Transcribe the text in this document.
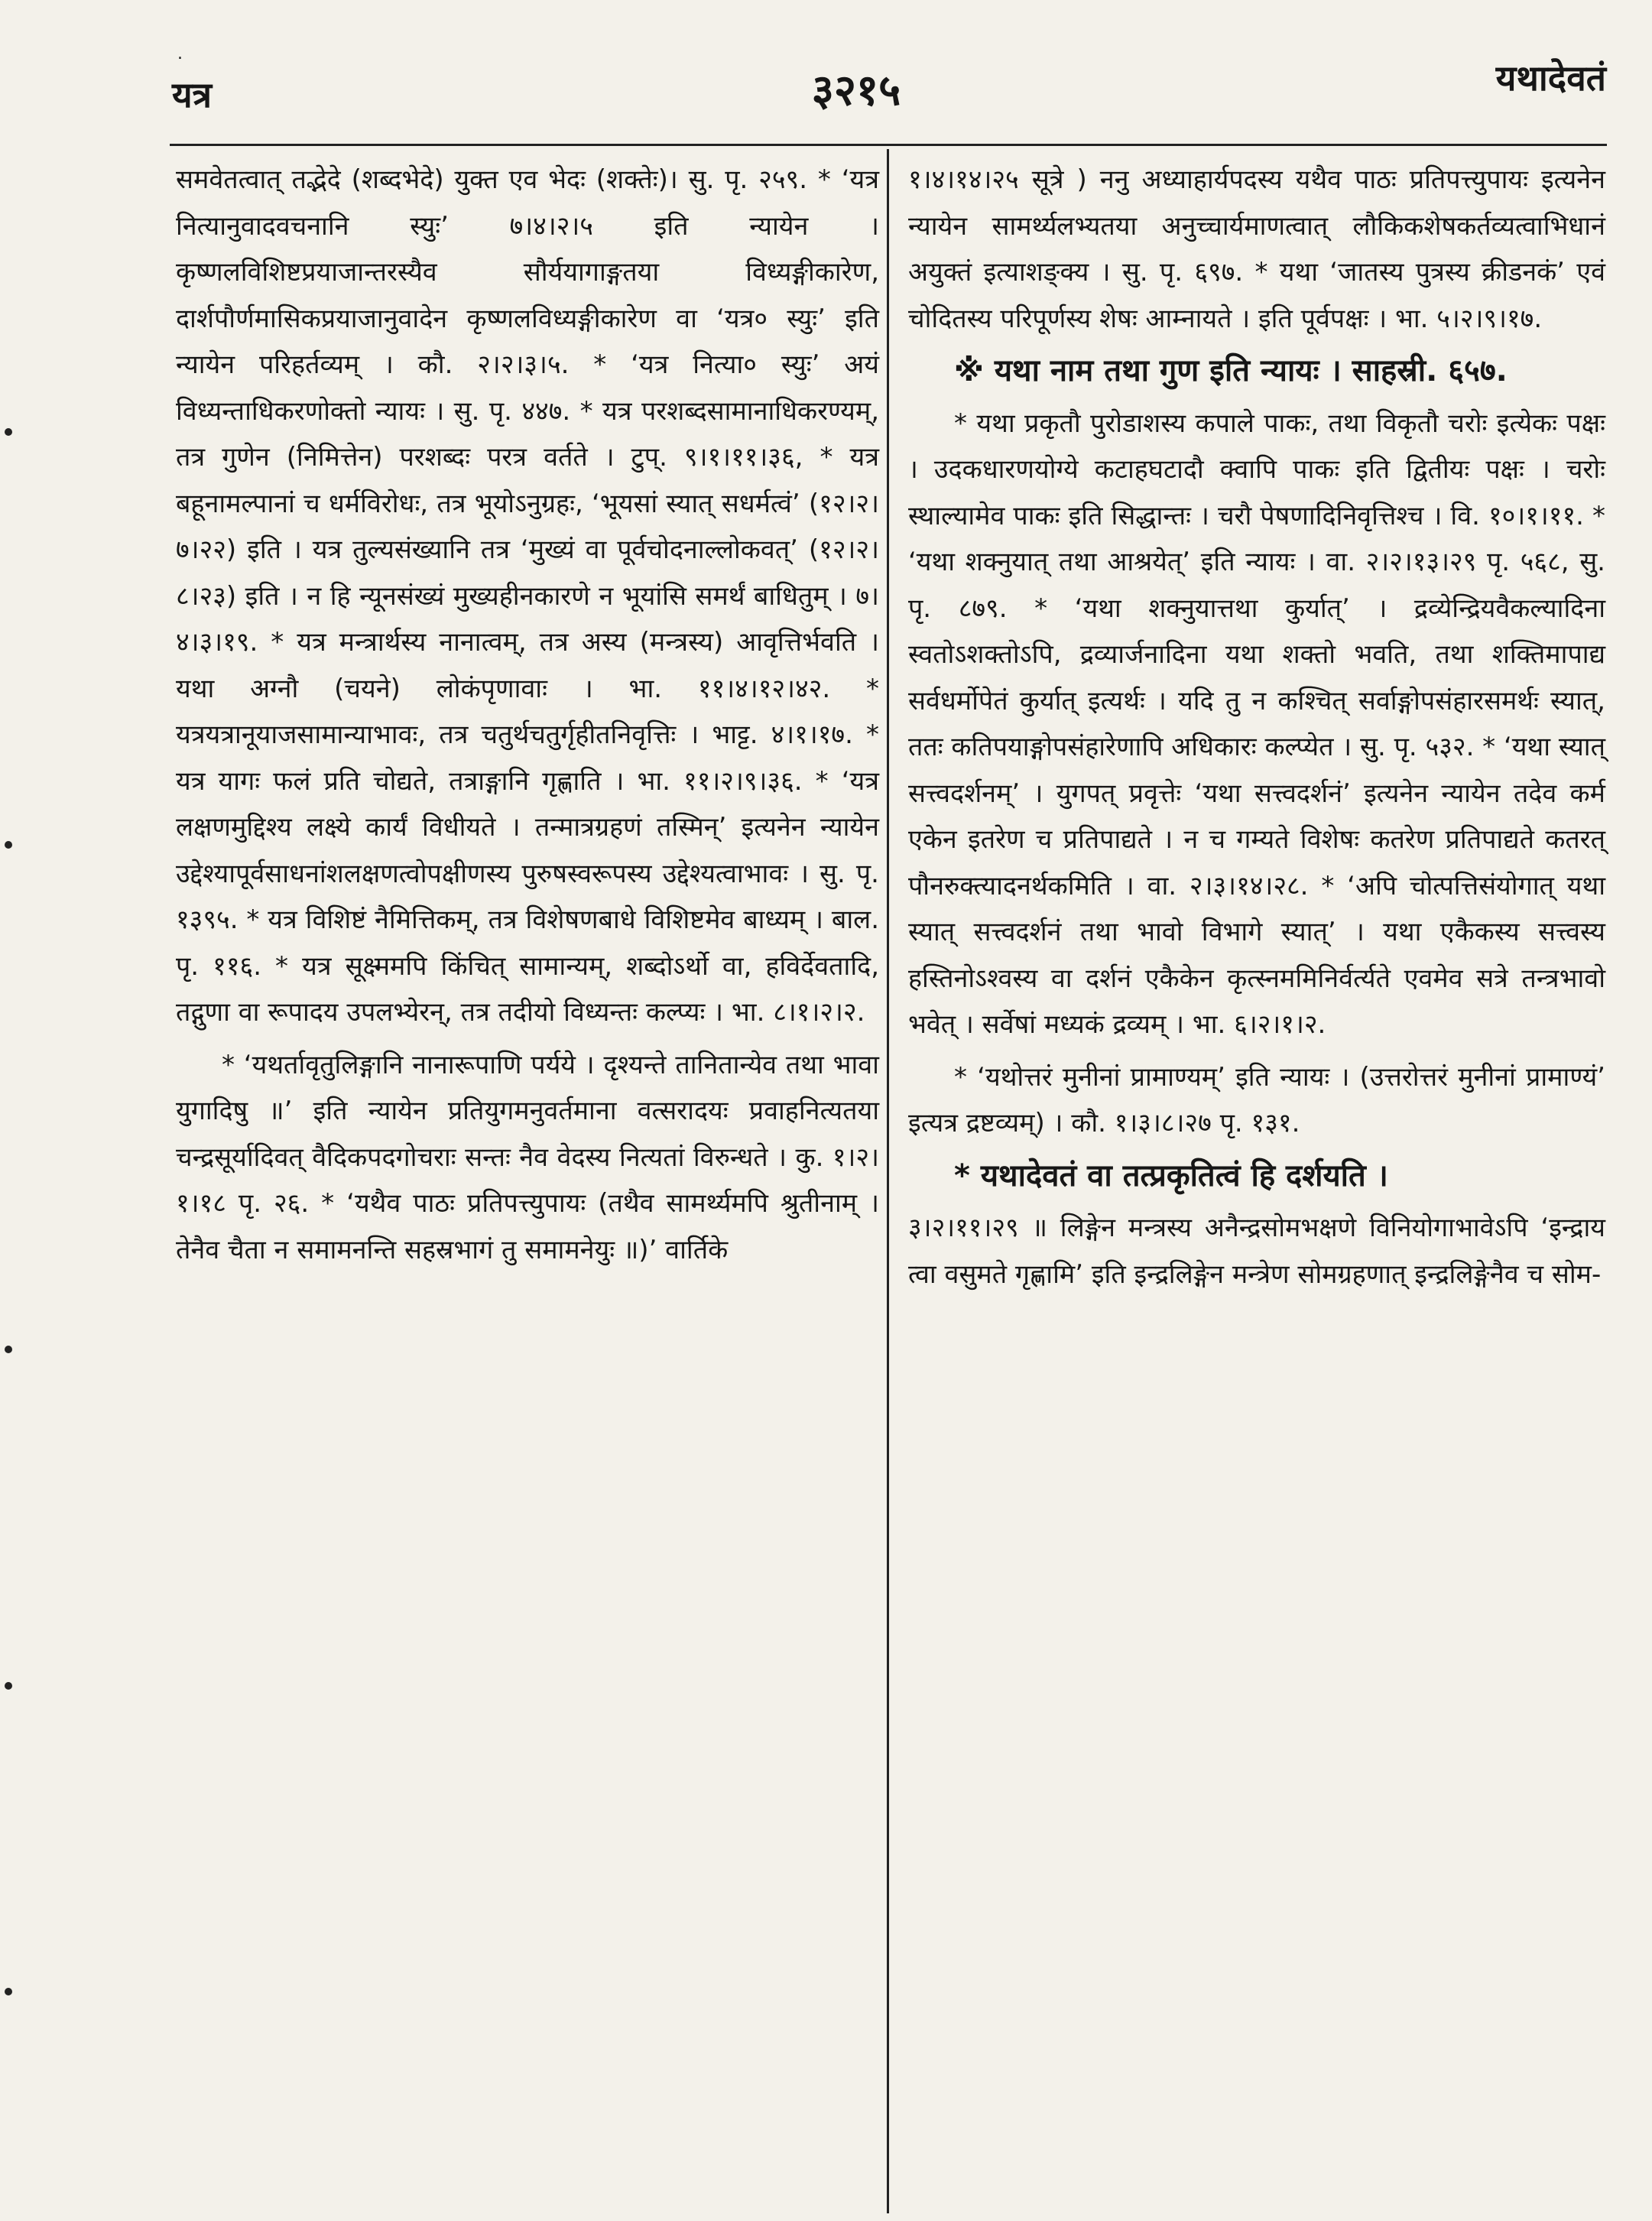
.
यत्र	३२१५	यथादेवतं

समवेतत्वात् तद्भेदे (शब्दभेदे) युक्त एव भेदः (शक्तेः)। सु. पृ. २५९. * ‘यत्र नित्यानुवादवचनानि स्युः’ ७।४।२।५ इति न्यायेन । कृष्णलविशिष्टप्रयाजान्तरस्यैव सौर्ययागाङ्गतया विध्यङ्गीकारेण, दार्शपौर्णमासिकप्रयाजानुवादेन कृष्णलविध्यङ्गीकारेण वा ‘यत्र० स्युः’ इति न्यायेन परिहर्तव्यम् । कौ. २।२।३।५. * ‘यत्र नित्या० स्युः’ अयं विध्यन्ताधिकरणोक्तो न्यायः । सु. पृ. ४४७. * यत्र परशब्दसामानाधिकरण्यम्, तत्र गुणेन (निमित्तेन) परशब्दः परत्र वर्तते । टुप्. ९।१।११।३६, * यत्र बहूनामल्पानां च धर्मविरोधः, तत्र भूयोऽनुग्रहः, ‘भूयसां स्यात् सधर्मत्वं’ (१२।२।७।२२) इति । यत्र तुल्यसंख्यानि तत्र ‘मुख्यं वा पूर्वचोदनाल्लोकवत्’ (१२।२।८।२३) इति । न हि न्यूनसंख्यं मुख्यहीनकारणे न भूयांसि समर्थं बाधितुम् । ७।४।३।१९. * यत्र मन्त्रार्थस्य नानात्वम्, तत्र अस्य (मन्त्रस्य) आवृत्तिर्भवति । यथा अग्नौ (चयने) लोकंपृणावाः । भा. ११।४।१२।४२. * यत्रयत्रानूयाजसामान्याभावः, तत्र चतुर्थचतुर्गृहीतनिवृत्तिः । भाट्ट. ४।१।१७. * यत्र यागः फलं प्रति चोद्यते, तत्राङ्गानि गृह्णाति । भा. ११।२।९।३६. * ‘यत्र लक्षणमुद्दिश्य लक्ष्ये कार्यं विधीयते । तन्मात्रग्रहणं तस्मिन्’ इत्यनेन न्यायेन उद्देश्यापूर्वसाधनांशलक्षणत्वोपक्षीणस्य पुरुषस्वरूपस्य उद्देश्यत्वाभावः । सु. पृ. १३९५. * यत्र विशिष्टं नैमित्तिकम्, तत्र विशेषणबाधे विशिष्टमेव बाध्यम् । बाल. पृ. ११६. * यत्र सूक्ष्ममपि किंचित् सामान्यम्, शब्दोऽर्थो वा, हविर्देवतादि, तद्गुणा वा रूपादय उपलभ्येरन्, तत्र तदीयो विध्यन्तः कल्प्यः । भा. ८।१।२।२.

* ‘यथर्तावृतुलिङ्गानि नानारूपाणि पर्यये । दृश्यन्ते तानितान्येव तथा भावा युगादिषु ॥’ इति न्यायेन प्रतियुगमनुवर्तमाना वत्सरादयः प्रवाहनित्यतया चन्द्रसूर्यादिवत् वैदिकपदगोचराः सन्तः नैव वेदस्य नित्यतां विरुन्धते । कु. १।२।१।१८ पृ. २६. * ‘यथैव पाठः प्रतिपत्त्युपायः (तथैव सामर्थ्यमपि श्रुतीनाम् । तेनैव चैता न समामनन्ति सहस्रभागं तु समामनेयुः ॥)’ वार्तिके

१।४।१४।२५ सूत्रे ) ननु अध्याहार्यपदस्य यथैव पाठः प्रतिपत्त्युपायः इत्यनेन न्यायेन सामर्थ्यलभ्यतया अनुच्चार्यमाणत्वात् लौकिकशेषकर्तव्यत्वाभिधानं अयुक्तं इत्याशङ्क्य । सु. पृ. ६९७. * यथा ‘जातस्य पुत्रस्य क्रीडनकं’ एवं चोदितस्य परिपूर्णस्य शेषः आम्नायते । इति पूर्वपक्षः । भा. ५।२।९।१७.

※ यथा नाम तथा गुण इति न्यायः । साहस्री. ६५७.

* यथा प्रकृतौ पुरोडाशस्य कपाले पाकः, तथा विकृतौ चरोः इत्येकः पक्षः । उदकधारणयोग्ये कटाहघटादौ क्वापि पाकः इति द्वितीयः पक्षः । चरोः स्थाल्यामेव पाकः इति सिद्धान्तः । चरौ पेषणादिनिवृत्तिश्च । वि. १०।१।११. * ‘यथा शक्नुयात् तथा आश्रयेत्’ इति न्यायः । वा. २।२।१३।२९ पृ. ५६८, सु. पृ. ८७९. * ‘यथा शक्नुयात्तथा कुर्यात्’ । द्रव्येन्द्रियवैकल्यादिना स्वतोऽशक्तोऽपि, द्रव्यार्जनादिना यथा शक्तो भवति, तथा शक्तिमापाद्य सर्वधर्मोपेतं कुर्यात् इत्यर्थः । यदि तु न कश्चित् सर्वाङ्गोपसंहारसमर्थः स्यात्, ततः कतिपयाङ्गोपसंहारेणापि अधिकारः कल्प्येत । सु. पृ. ५३२. * ‘यथा स्यात् सत्त्वदर्शनम्’ । युगपत् प्रवृत्तेः ‘यथा सत्त्वदर्शनं’ इत्यनेन न्यायेन तदेव कर्म एकेन इतरेण च प्रतिपाद्यते । न च गम्यते विशेषः कतरेण प्रतिपाद्यते कतरत् पौनरुक्त्यादनर्थकमिति । वा. २।३।१४।२८. * ‘अपि चोत्पत्तिसंयोगात् यथा स्यात् सत्त्वदर्शनं तथा भावो विभागे स्यात्’ । यथा एकैकस्य सत्त्वस्य हस्तिनोऽश्वस्य वा दर्शनं एकैकेन कृत्स्नममिनिर्वर्त्यते एवमेव सत्रे तन्त्रभावो भवेत् । सर्वेषां मध्यकं द्रव्यम् । भा. ६।२।१।२.

* ‘यथोत्तरं मुनीनां प्रामाण्यम्’ इति न्यायः । (उत्तरोत्तरं मुनीनां प्रामाण्यं’ इत्यत्र द्रष्टव्यम्) । कौ. १।३।८।२७ पृ. १३१.

* यथादेवतं वा तत्प्रकृतित्वं हि दर्शयति ।

३।२।११।२९ ॥ लिङ्गेन मन्त्रस्य अनैन्द्रसोमभक्षणे विनियोगाभावेऽपि ‘इन्द्राय त्वा वसुमते गृह्णामि’ इति इन्द्रलिङ्गेन मन्त्रेण सोमग्रहणात् इन्द्रलिङ्गेनैव च सोम-
